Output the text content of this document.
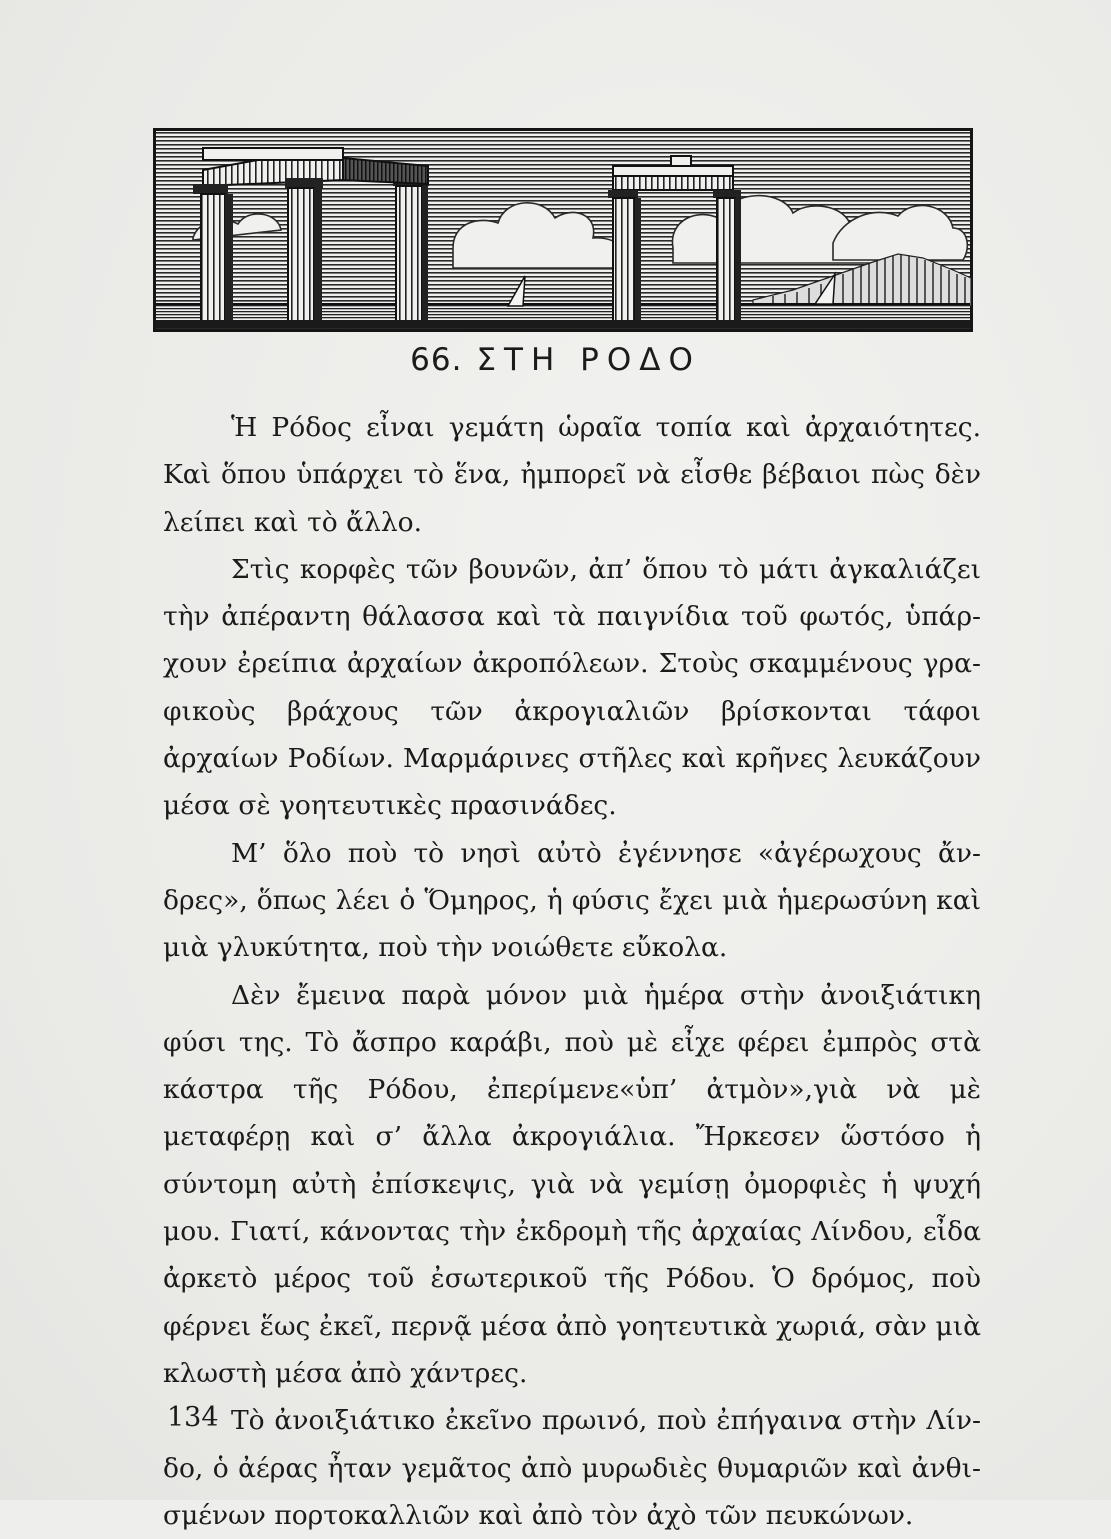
66. ΣΤΗ ΡΟΔΟ

Ἡ Ρόδος εἶναι γεμάτη ὡραῖα τοπία καὶ ἀρχαιότητες. Καὶ ὅπου ὑπάρχει τὸ ἕνα, ἠμπορεῖ νὰ εἶσθε βέβαιοι πὼς δὲν λείπει καὶ τὸ ἄλλο.

Στὶς κορφὲς τῶν βουνῶν, ἀπ’ ὅπου τὸ μάτι ἀγκαλιάζει τὴν ἀπέραντη θάλασσα καὶ τὰ παιγνίδια τοῦ φωτός, ὑπάρχουν ἐρείπια ἀρχαίων ἀκροπόλεων. Στοὺς σκαμμένους γραφικοὺς βράχους τῶν ἀκρογιαλιῶν βρίσκονται τάφοι ἀρχαίων Ροδίων. Μαρμάρινες στῆλες καὶ κρῆνες λευκάζουν μέσα σὲ γοητευτικὲς πρασινάδες.

Μ’ ὅλο ποὺ τὸ νησὶ αὐτὸ ἐγέννησε «ἀγέρωχους ἄνδρες», ὅπως λέει ὁ Ὅμηρος, ἡ φύσις ἔχει μιὰ ἡμερωσύνη καὶ μιὰ γλυκύτητα, ποὺ τὴν νοιώθετε εὔκολα.

Δὲν ἔμεινα παρὰ μόνον μιὰ ἡμέρα στὴν ἀνοιξιάτικη φύσι της. Τὸ ἄσπρο καράβι, ποὺ μὲ εἶχε φέρει ἐμπρὸς στὰ κάστρα τῆς Ρόδου, ἐπερίμενε«ὑπ’ ἀτμὸν»,γιὰ νὰ μὲ μεταφέρῃ καὶ σ’ ἄλλα ἀκρογιάλια. Ἤρκεσεν ὥστόσο ἡ σύντομη αὐτὴ ἐπίσκεψις, γιὰ νὰ γεμίσῃ ὀμορφιὲς ἡ ψυχή μου. Γιατί, κάνοντας τὴν ἐκδρομὴ τῆς ἀρχαίας Λίνδου, εἶδα ἀρκετὸ μέρος τοῦ ἐσωτερικοῦ τῆς Ρόδου. Ὁ δρόμος, ποὺ φέρνει ἕως ἐκεῖ, περνᾷ μέσα ἀπὸ γοητευτικὰ χωριά, σὰν μιὰ κλωστὴ μέσα ἀπὸ χάντρες.

Τὸ ἀνοιξιάτικο ἐκεῖνο πρωινό, ποὺ ἐπήγαινα στὴν Λίνδο, ὁ ἀέρας ἦταν γεμᾶτος ἀπὸ μυρωδιὲς θυμαριῶν καὶ ἀνθισμένων πορτοκαλλιῶν καὶ ἀπὸ τὸν ἀχὸ τῶν πευκώνων.

134
